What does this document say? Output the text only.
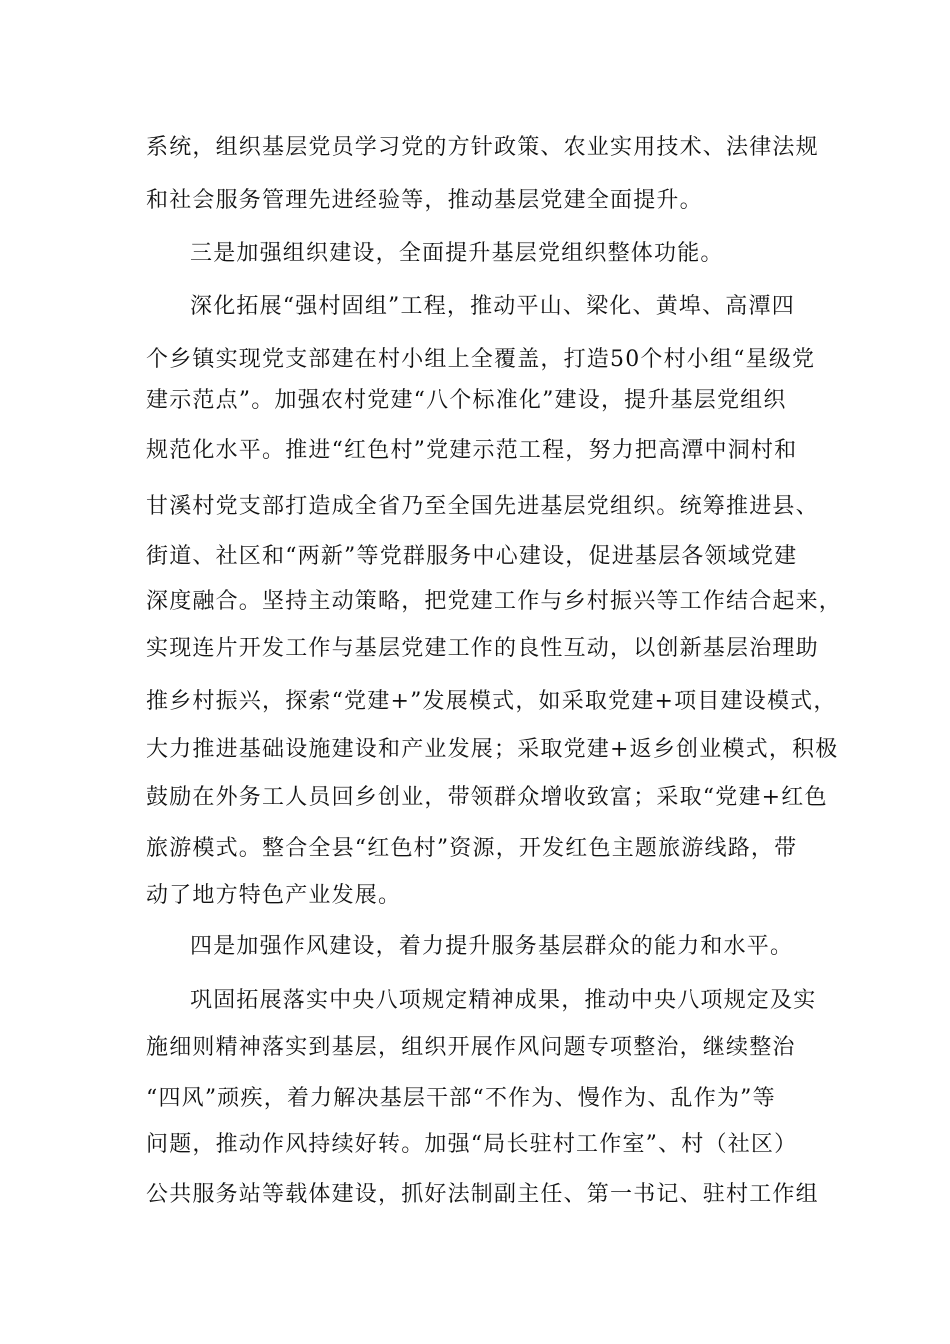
系统，组织基层党员学习党的方针政策、农业实用技术、法律法规
和社会服务管理先进经验等，推动基层党建全面提升。
三是加强组织建设，全面提升基层党组织整体功能。
深化拓展“强村固组”工程，推动平山、梁化、黄埠、高潭四
个乡镇实现党支部建在村小组上全覆盖，打造50个村小组“星级党
建示范点”。加强农村党建“八个标准化”建设，提升基层党组织
规范化水平。推进“红色村”党建示范工程，努力把高潭中洞村和
甘溪村党支部打造成全省乃至全国先进基层党组织。统筹推进县、
街道、社区和“两新”等党群服务中心建设，促进基层各领域党建
深度融合。坚持主动策略，把党建工作与乡村振兴等工作结合起来，
实现连片开发工作与基层党建工作的良性互动，以创新基层治理助
推乡村振兴，探索“党建+”发展模式，如采取党建+项目建设模式，
大力推进基础设施建设和产业发展；采取党建+返乡创业模式，积极
鼓励在外务工人员回乡创业，带领群众增收致富；采取“党建+红色
旅游模式。整合全县“红色村”资源，开发红色主题旅游线路，带
动了地方特色产业发展。
四是加强作风建设，着力提升服务基层群众的能力和水平。
巩固拓展落实中央八项规定精神成果，推动中央八项规定及实
施细则精神落实到基层，组织开展作风问题专项整治，继续整治
“四风”顽疾，着力解决基层干部“不作为、慢作为、乱作为”等
问题，推动作风持续好转。加强“局长驻村工作室”、村（社区）
公共服务站等载体建设，抓好法制副主任、第一书记、驻村工作组
